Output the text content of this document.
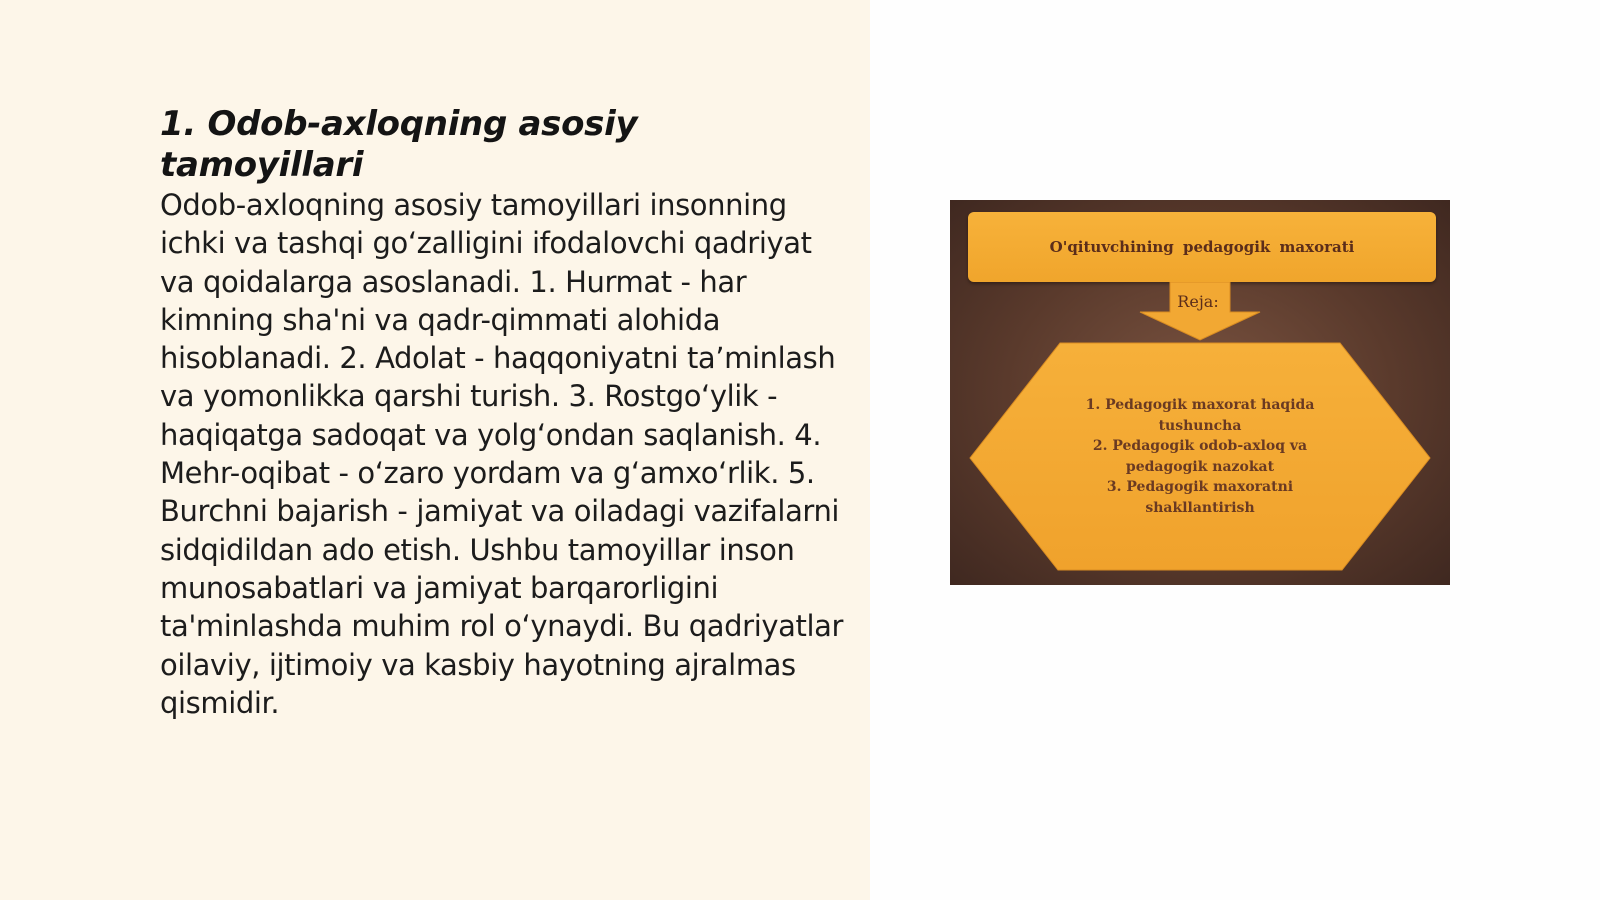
1. Odob-axloqning asosiy tamoyillari

Odob-axloqning asosiy tamoyillari insonning ichki va tashqi goʻzalligini ifodalovchi qadriyat va qoidalarga asoslanadi. 1. Hurmat - har kimning sha'ni va qadr-qimmati alohida hisoblanadi. 2. Adolat - haqqoniyatni taʼminlash va yomonlikka qarshi turish. 3. Rostgoʻylik - haqiqatga sadoqat va yolgʻondan saqlanish. 4. Mehr-oqibat - oʻzaro yordam va gʻamxoʻrlik. 5. Burchni bajarish - jamiyat va oiladagi vazifalarni sidqidildan ado etish. Ushbu tamoyillar inson munosabatlari va jamiyat barqarorligini ta'minlashda muhim rol oʻynaydi. Bu qadriyatlar oilaviy, ijtimoiy va kasbiy hayotning ajralmas qismidir.

O'qituvchining pedagogik maxorati
Reja:
1. Pedagogik maxorat haqida
tushuncha
2. Pedagogik odob-axloq va
pedagogik nazokat
3. Pedagogik maxoratni
shakllantirish
